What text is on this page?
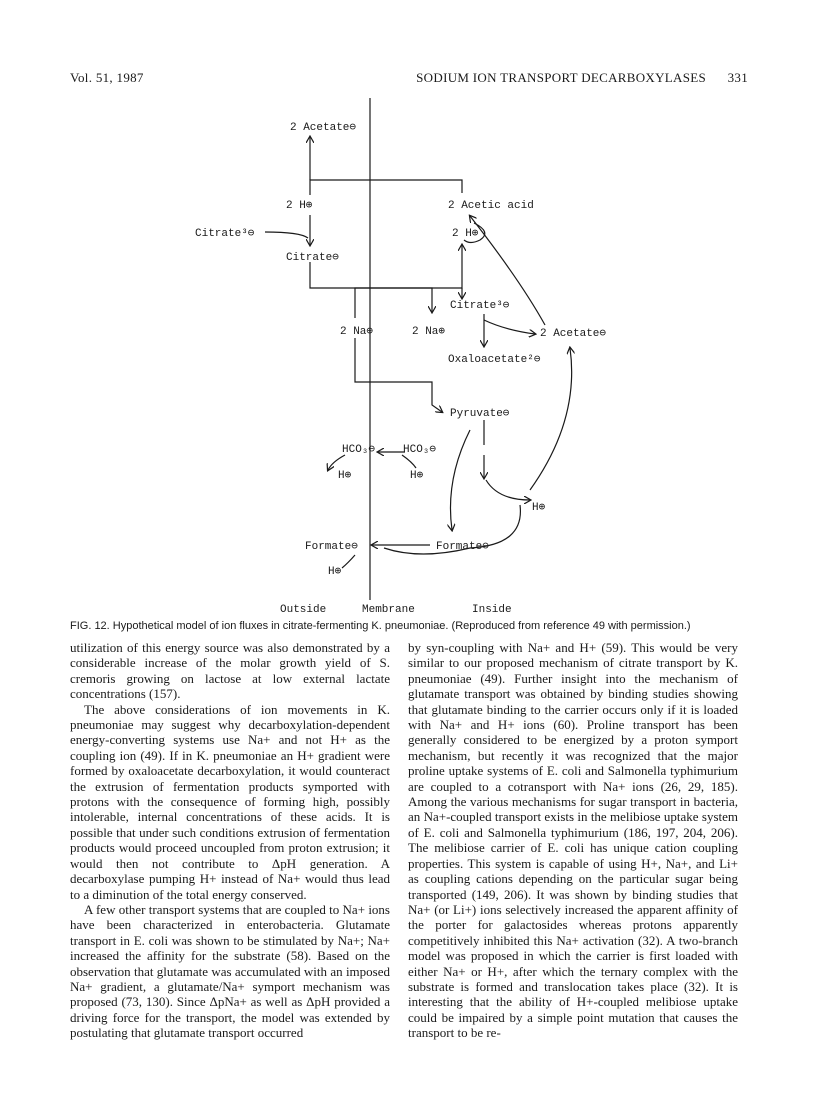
Vol. 51, 1987	SODIUM ION TRANSPORT DECARBOXYLASES 331
2 Acetate⊖
2 H⊕
Citrate³⊖
Citrate⊖
2 Acetic acid
2 H⊕
Citrate³⊖
2 Na⊕	2 Na⊕	2 Acetate⊖
Oxaloacetate²⊖
Pyruvate⊖
HCO₃⊖	HCO₃⊖
H⊕	H⊕
H⊕
Formate⊖	Formate⊖
H⊕
Outside	Membrane	Inside
FIG. 12. Hypothetical model of ion fluxes in citrate-fermenting K. pneumoniae. (Reproduced from reference 49 with permission.)

utilization of this energy source was also demonstrated by a considerable increase of the molar growth yield of S. cremoris growing on lactose at low external lactate concentrations (157).

The above considerations of ion movements in K. pneumoniae may suggest why decarboxylation-dependent energy-converting systems use Na+ and not H+ as the coupling ion (49). If in K. pneumoniae an H+ gradient were formed by oxaloacetate decarboxylation, it would counteract the extrusion of fermentation products symported with protons with the consequence of forming high, possibly intolerable, internal concentrations of these acids. It is possible that under such conditions extrusion of fermentation products would proceed uncoupled from proton extrusion; it would then not contribute to ΔpH generation. A decarboxylase pumping H+ instead of Na+ would thus lead to a diminution of the total energy conserved.

A few other transport systems that are coupled to Na+ ions have been characterized in enterobacteria. Glutamate transport in E. coli was shown to be stimulated by Na+; Na+ increased the affinity for the substrate (58). Based on the observation that glutamate was accumulated with an imposed Na+ gradient, a glutamate/Na+ symport mechanism was proposed (73, 130). Since ΔpNa+ as well as ΔpH provided a driving force for the transport, the model was extended by postulating that glutamate transport occurred

by syn-coupling with Na+ and H+ (59). This would be very similar to our proposed mechanism of citrate transport by K. pneumoniae (49). Further insight into the mechanism of glutamate transport was obtained by binding studies showing that glutamate binding to the carrier occurs only if it is loaded with Na+ and H+ ions (60). Proline transport has been generally considered to be energized by a proton symport mechanism, but recently it was recognized that the major proline uptake systems of E. coli and Salmonella typhimurium are coupled to a cotransport with Na+ ions (26, 29, 185). Among the various mechanisms for sugar transport in bacteria, an Na+-coupled transport exists in the melibiose uptake system of E. coli and Salmonella typhimurium (186, 197, 204, 206). The melibiose carrier of E. coli has unique cation coupling properties. This system is capable of using H+, Na+, and Li+ as coupling cations depending on the particular sugar being transported (149, 206). It was shown by binding studies that Na+ (or Li+) ions selectively increased the apparent affinity of the porter for galactosides whereas protons apparently competitively inhibited this Na+ activation (32). A two-branch model was proposed in which the carrier is first loaded with either Na+ or H+, after which the ternary complex with the substrate is formed and translocation takes place (32). It is interesting that the ability of H+-coupled melibiose uptake could be impaired by a simple point mutation that causes the transport to be re-
